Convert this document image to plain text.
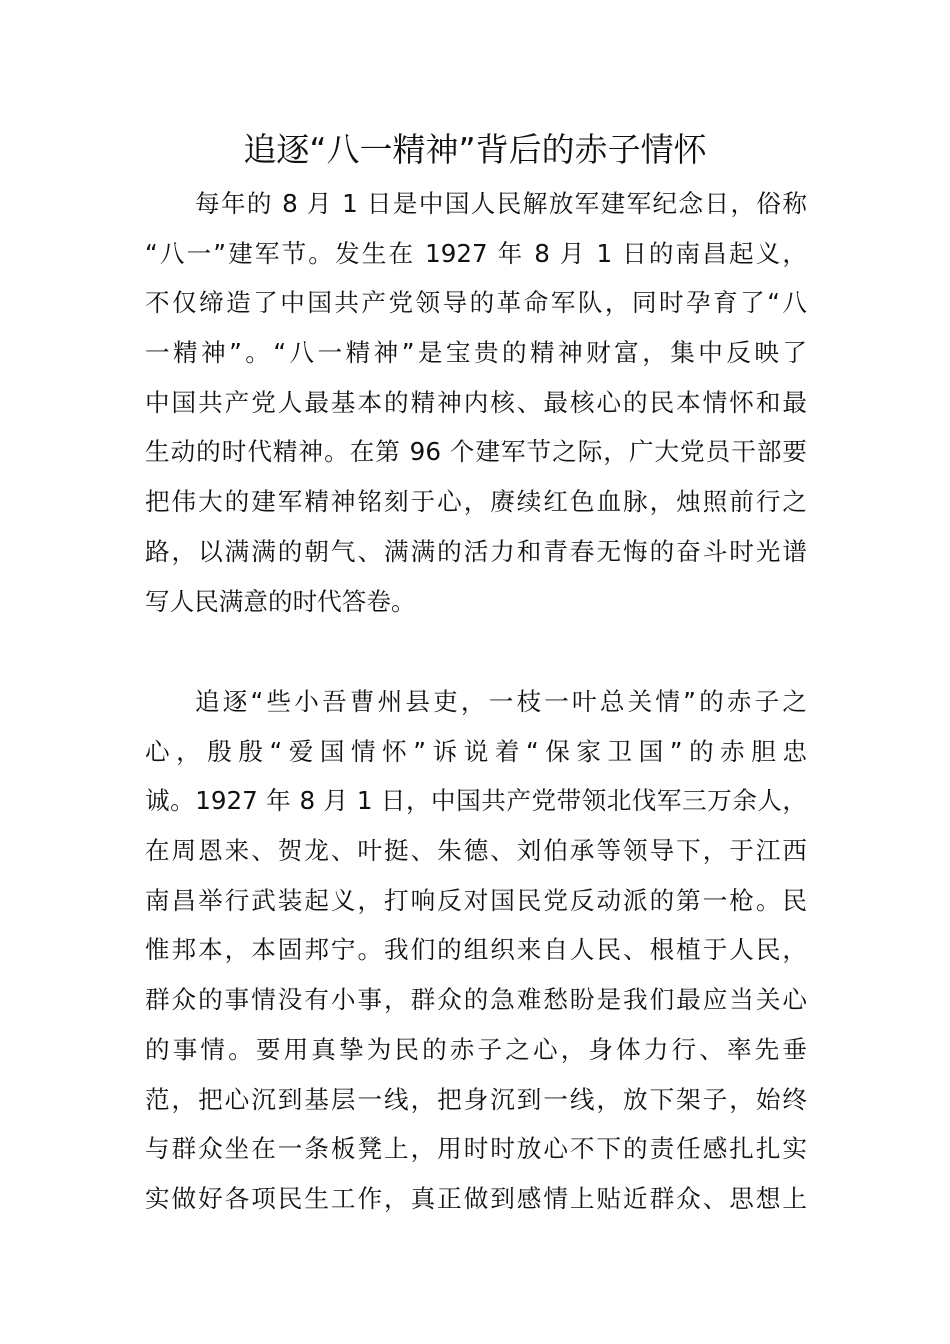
追逐“八一精神”背后的赤子情怀
每年的 8 月 1 日是中国人民解放军建军纪念日，俗称
“八一”建军节。发生在 1927 年 8 月 1 日的南昌起义，
不仅缔造了中国共产党领导的革命军队，同时孕育了“八
一精神”。“八一精神”是宝贵的精神财富，集中反映了
中国共产党人最基本的精神内核、最核心的民本情怀和最
生动的时代精神。在第 96 个建军节之际，广大党员干部要
把伟大的建军精神铭刻于心，赓续红色血脉，烛照前行之
路，以满满的朝气、满满的活力和青春无悔的奋斗时光谱
写人民满意的时代答卷。
追逐“些小吾曹州县吏，一枝一叶总关情”的赤子之
心，殷殷“爱国情怀”诉说着“保家卫国”的赤胆忠
诚。1927 年 8 月 1 日，中国共产党带领北伐军三万余人，
在周恩来、贺龙、叶挺、朱德、刘伯承等领导下，于江西
南昌举行武装起义，打响反对国民党反动派的第一枪。民
惟邦本，本固邦宁。我们的组织来自人民、根植于人民，
群众的事情没有小事，群众的急难愁盼是我们最应当关心
的事情。要用真挚为民的赤子之心，身体力行、率先垂
范，把心沉到基层一线，把身沉到一线，放下架子，始终
与群众坐在一条板凳上，用时时放心不下的责任感扎扎实
实做好各项民生工作，真正做到感情上贴近群众、思想上
